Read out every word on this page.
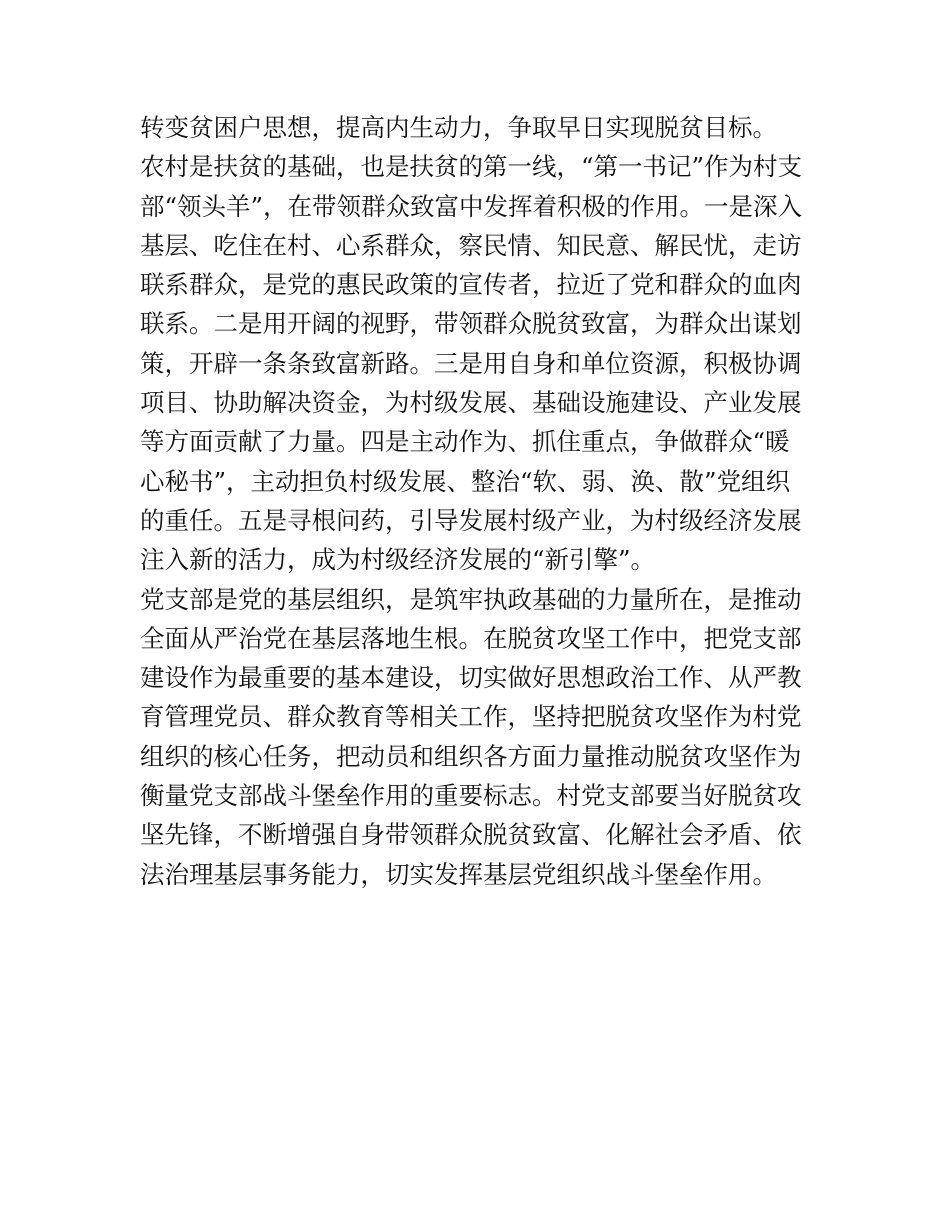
转变贫困户思想，提高内生动力，争取早日实现脱贫目标。
农村是扶贫的基础，也是扶贫的第一线，“第一书记”作为村支
部“领头羊”，在带领群众致富中发挥着积极的作用。一是深入
基层、吃住在村、心系群众，察民情、知民意、解民忧，走访
联系群众，是党的惠民政策的宣传者，拉近了党和群众的血肉
联系。二是用开阔的视野，带领群众脱贫致富，为群众出谋划
策，开辟一条条致富新路。三是用自身和单位资源，积极协调
项目、协助解决资金，为村级发展、基础设施建设、产业发展
等方面贡献了力量。四是主动作为、抓住重点，争做群众“暖
心秘书”，主动担负村级发展、整治“软、弱、涣、散”党组织
的重任。五是寻根问药，引导发展村级产业，为村级经济发展
注入新的活力，成为村级经济发展的“新引擎”。
党支部是党的基层组织，是筑牢执政基础的力量所在，是推动
全面从严治党在基层落地生根。在脱贫攻坚工作中，把党支部
建设作为最重要的基本建设，切实做好思想政治工作、从严教
育管理党员、群众教育等相关工作，坚持把脱贫攻坚作为村党
组织的核心任务，把动员和组织各方面力量推动脱贫攻坚作为
衡量党支部战斗堡垒作用的重要标志。村党支部要当好脱贫攻
坚先锋，不断增强自身带领群众脱贫致富、化解社会矛盾、依
法治理基层事务能力，切实发挥基层党组织战斗堡垒作用。
